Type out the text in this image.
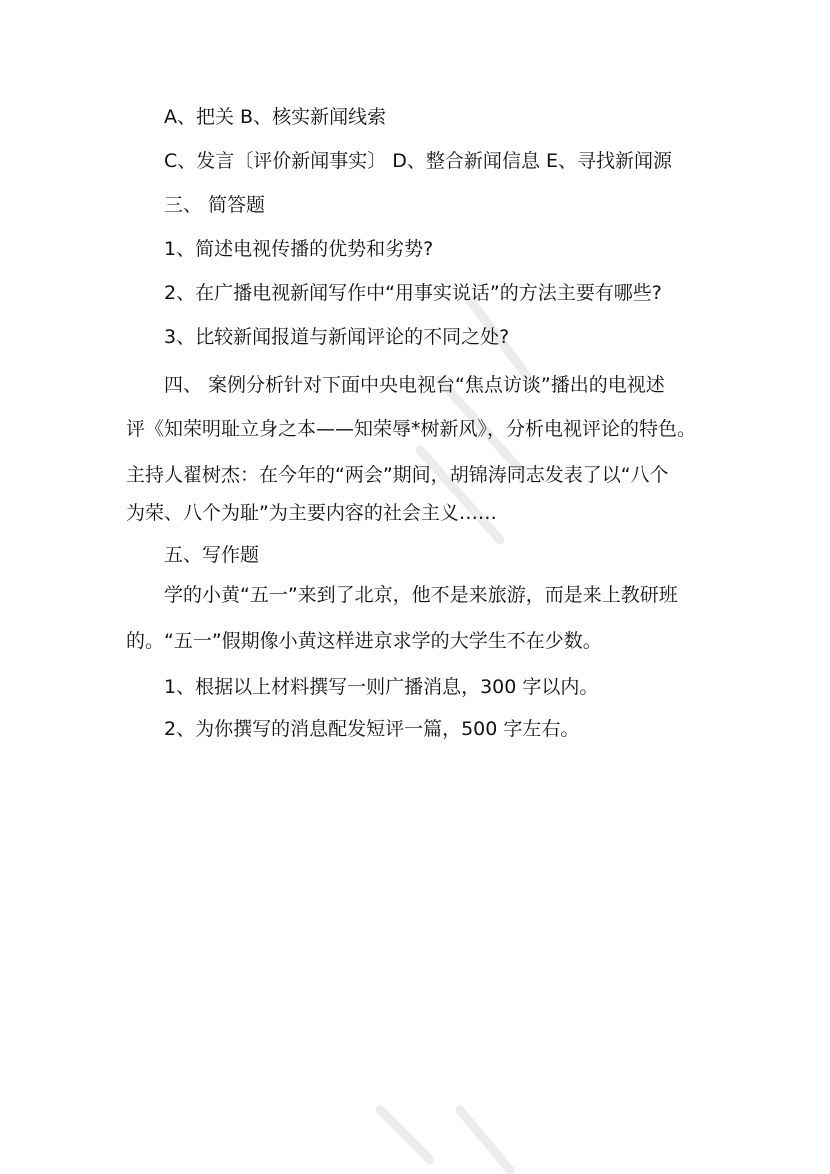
A、把关 B、核实新闻线索
C、发言〔评价新闻事实〕 D、整合新闻信息 E、寻找新闻源
三、 简答题
1、简述电视传播的优势和劣势?
2、在广播电视新闻写作中“用事实说话”的方法主要有哪些?
3、比较新闻报道与新闻评论的不同之处?
四、 案例分析针对下面中央电视台“焦点访谈”播出的电视述
评《知荣明耻立身之本——知荣辱*树新风》，分析电视评论的特色。
主持人翟树杰：在今年的“两会”期间，胡锦涛同志发表了以“八个
为荣、八个为耻”为主要内容的社会主义……
五、写作题
学的小黄“五一”来到了北京，他不是来旅游，而是来上教研班
的。“五一”假期像小黄这样进京求学的大学生不在少数。
1、根据以上材料撰写一则广播消息，300 字以内。
2、为你撰写的消息配发短评一篇，500 字左右。
